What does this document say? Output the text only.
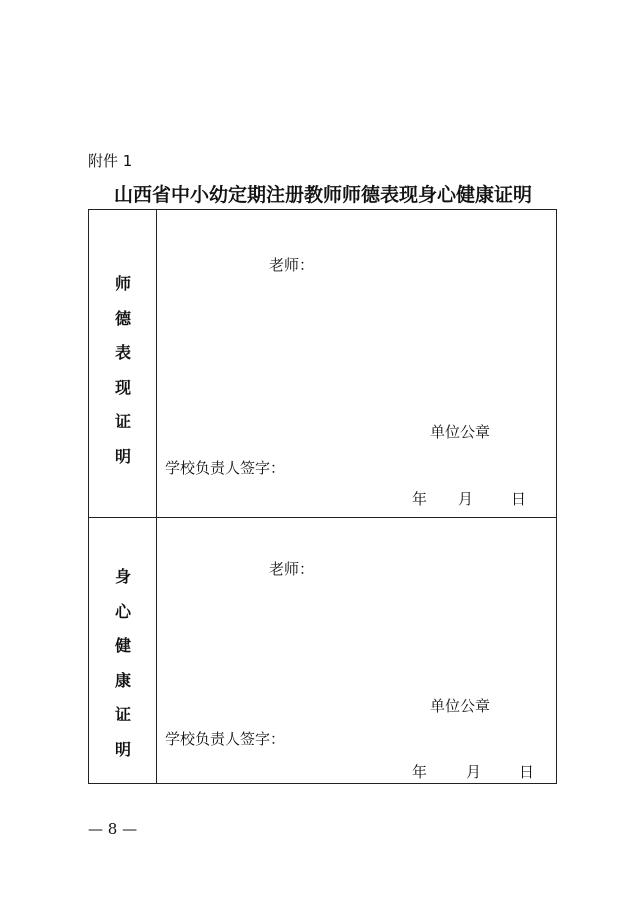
附件 1
山西省中小幼定期注册教师师德表现身心健康证明
师
德
表
现
证
明
老师：
单位公章
学校负责人签字：
年 月	日
身
心
健
康
证
明
老师：
单位公章
学校负责人签字：
年	月	日
— 8 —
